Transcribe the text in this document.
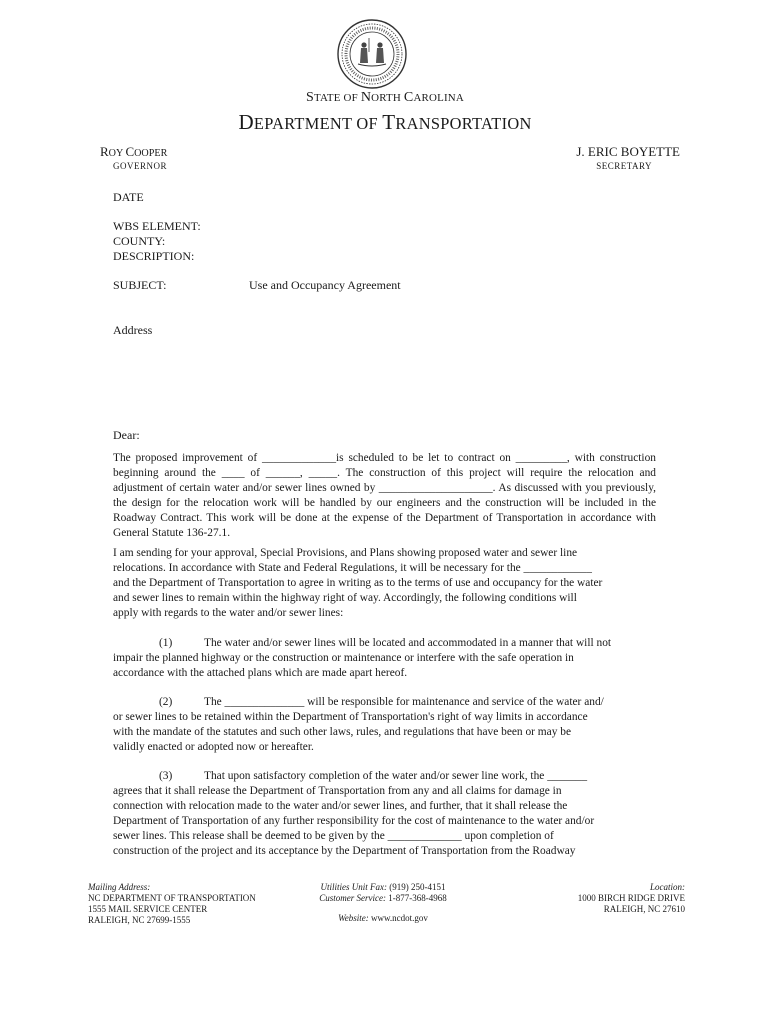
STATE OF NORTH CAROLINA
DEPARTMENT OF TRANSPORTATION
ROY COOPER
GOVERNOR
J. ERIC BOYETTE
SECRETARY
DATE
WBS ELEMENT:
COUNTY:
DESCRIPTION:
SUBJECT:	Use and Occupancy Agreement
Address
Dear:
The proposed improvement of _____________is scheduled to be let to contract on _________, with construction beginning around the ____ of ______, _____. The construction of this project will require the relocation and adjustment of certain water and/or sewer lines owned by ____________________. As discussed with you previously, the design for the relocation work will be handled by our engineers and the construction will be included in the Roadway Contract. This work will be done at the expense of the Department of Transportation in accordance with General Statute 136-27.1.
I am sending for your approval, Special Provisions, and Plans showing proposed water and sewer line
relocations. In accordance with State and Federal Regulations, it will be necessary for the ____________
and the Department of Transportation to agree in writing as to the terms of use and occupancy for the water
and sewer lines to remain within the highway right of way. Accordingly, the following conditions will
apply with regards to the water and/or sewer lines:
(1)	The water and/or sewer lines will be located and accommodated in a manner that will not
impair the planned highway or the construction or maintenance or interfere with the safe operation in
accordance with the attached plans which are made apart hereof.
(2)	The ______________ will be responsible for maintenance and service of the water and/
or sewer lines to be retained within the Department of Transportation's right of way limits in accordance
with the mandate of the statutes and such other laws, rules, and regulations that have been or may be
validly enacted or adopted now or hereafter.
(3)	That upon satisfactory completion of the water and/or sewer line work, the _______
agrees that it shall release the Department of Transportation from any and all claims for damage in
connection with relocation made to the water and/or sewer lines, and further, that it shall release the
Department of Transportation of any further responsibility for the cost of maintenance to the water and/or
sewer lines. This release shall be deemed to be given by the _____________ upon completion of
construction of the project and its acceptance by the Department of Transportation from the Roadway
Mailing Address:
NC DEPARTMENT OF TRANSPORTATION
1555 MAIL SERVICE CENTER
RALEIGH, NC 27699-1555
Utilities Unit Fax: (919) 250-4151
Customer Service: 1-877-368-4968
Website: www.ncdot.gov
Location:
1000 BIRCH RIDGE DRIVE
RALEIGH, NC 27610
